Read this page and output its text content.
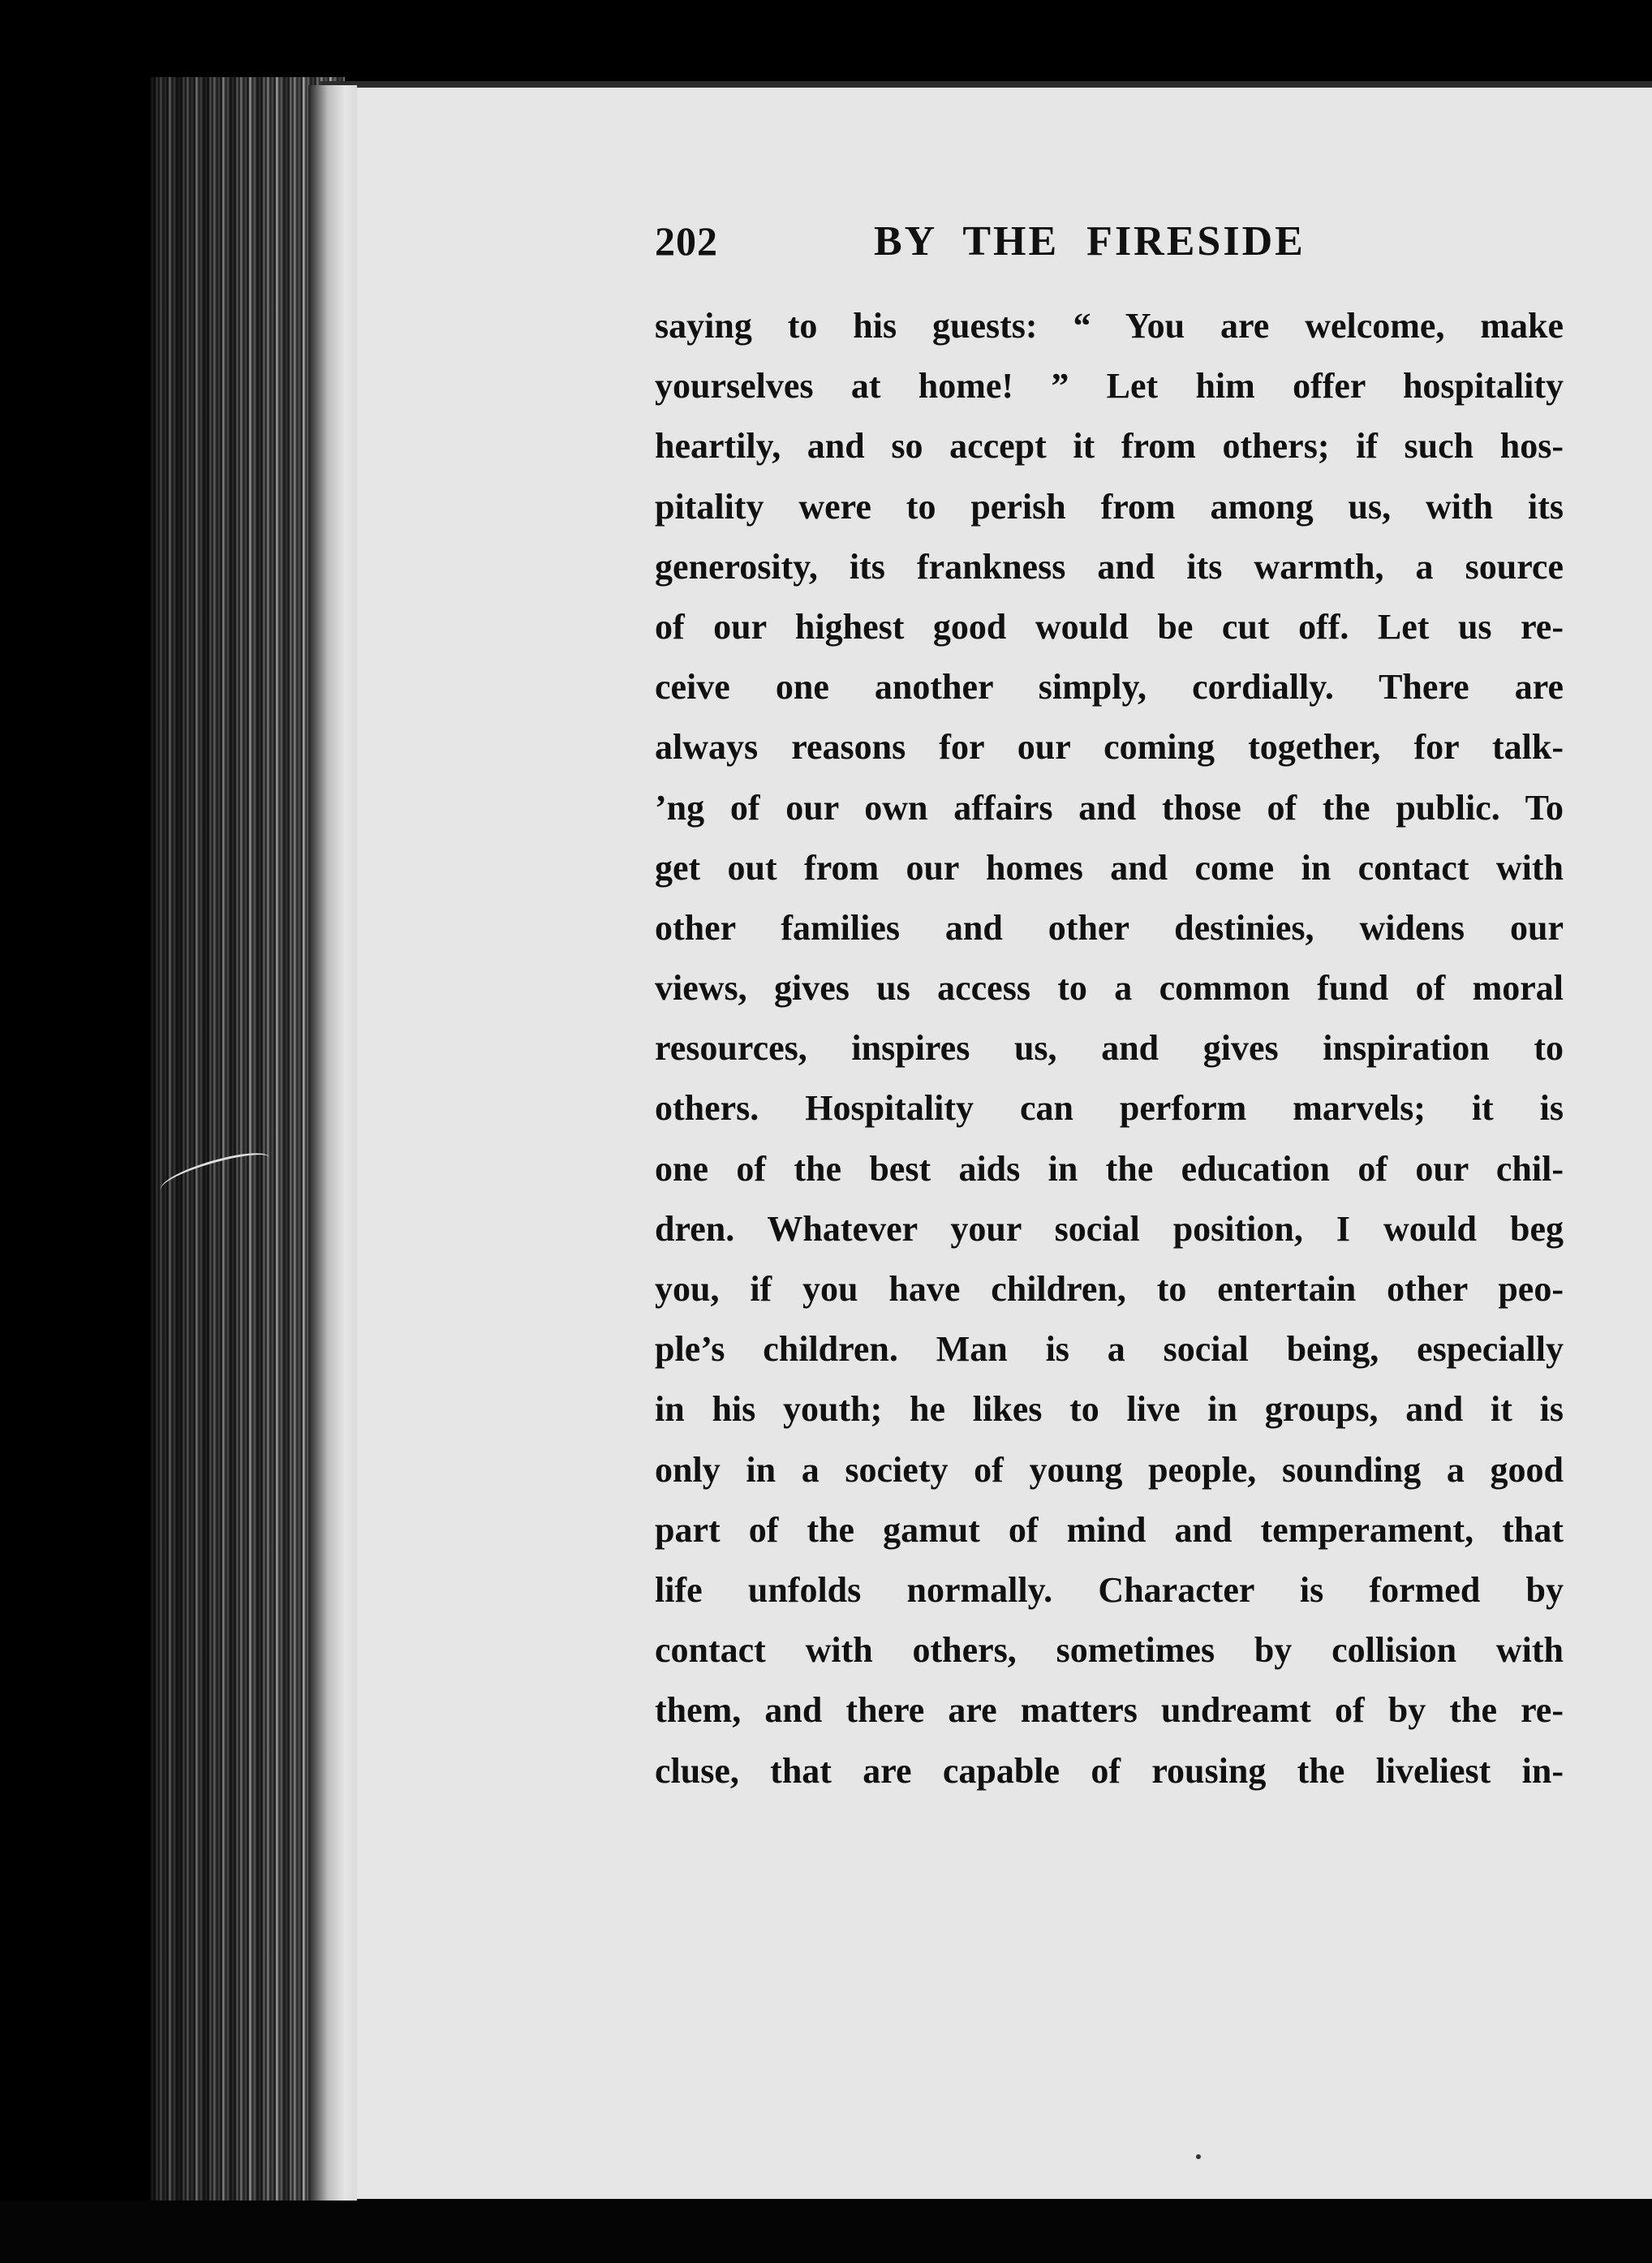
202	BY THE FIRESIDE
saying to his guests: “ You are welcome, make
yourselves at home! ” Let him offer hospitality
heartily, and so accept it from others; if such hos-
pitality were to perish from among us, with its
generosity, its frankness and its warmth, a source
of our highest good would be cut off. Let us re-
ceive one another simply, cordially. There are
always reasons for our coming together, for talk-
’ng of our own affairs and those of the public. To
get out from our homes and come in contact with
other families and other destinies, widens our
views, gives us access to a common fund of moral
resources, inspires us, and gives inspiration to
others. Hospitality can perform marvels; it is
one of the best aids in the education of our chil-
dren. Whatever your social position, I would beg
you, if you have children, to entertain other peo-
ple’s children. Man is a social being, especially
in his youth; he likes to live in groups, and it is
only in a society of young people, sounding a good
part of the gamut of mind and temperament, that
life unfolds normally. Character is formed by
contact with others, sometimes by collision with
them, and there are matters undreamt of by the re-
cluse, that are capable of rousing the liveliest in-
